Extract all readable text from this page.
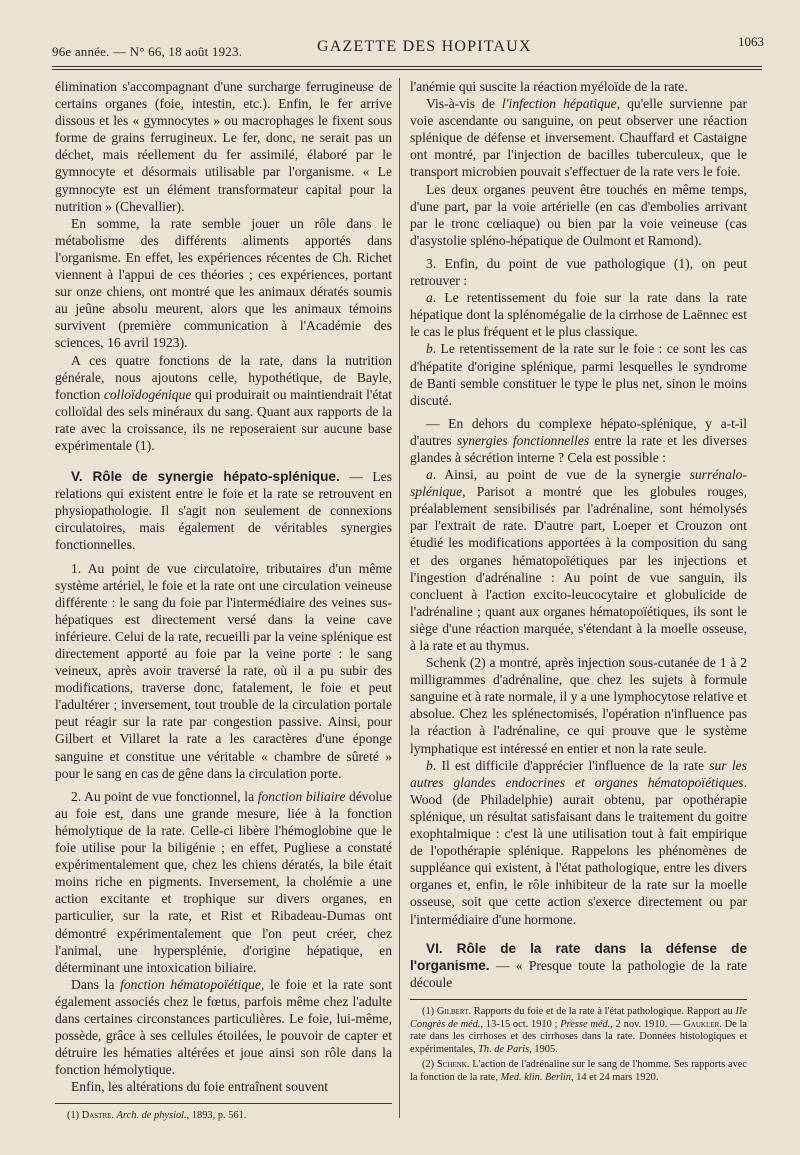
96e année. — N° 66, 18 août 1923.	GAZETTE DES HOPITAUX	1063

élimination s'accompagnant d'une surcharge ferrugineuse de certains organes (foie, intestin, etc.). Enfin, le fer arrive dissous et les « gymnocytes » ou macrophages le fixent sous forme de grains ferrugineux. Le fer, donc, ne serait pas un déchet, mais réellement du fer assimilé, élaboré par le gymnocyte et désormais utilisable par l'organisme. « Le gymnocyte est un élément transformateur capital pour la nutrition » (Chevallier).

En somme, la rate semble jouer un rôle dans le métabolisme des différents aliments apportés dans l'organisme. En effet, les expériences récentes de Ch. Richet viennent à l'appui de ces théories ; ces expériences, portant sur onze chiens, ont montré que les animaux dératés soumis au jeûne absolu meurent, alors que les animaux témoins survivent (première communication à l'Académie des sciences, 16 avril 1923).

A ces quatre fonctions de la rate, dans la nutrition générale, nous ajoutons celle, hypothétique, de Bayle, fonction colloïdogénique qui produirait ou maintiendrait l'état colloïdal des sels minéraux du sang. Quant aux rapports de la rate avec la croissance, ils ne reposeraient sur aucune base expérimentale (1).

V. Rôle de synergie hépato-splénique. — Les relations qui existent entre le foie et la rate se retrouvent en physiopathologie. Il s'agit non seulement de connexions circulatoires, mais également de véritables synergies fonctionnelles.

1. Au point de vue circulatoire, tributaires d'un même système artériel, le foie et la rate ont une circulation veineuse différente : le sang du foie par l'intermédiaire des veines sus-hépatiques est directement versé dans la veine cave inférieure. Celui de la rate, recueilli par la veine splénique est directement apporté au foie par la veine porte : le sang veineux, après avoir traversé la rate, où il a pu subir des modifications, traverse donc, fatalement, le foie et peut l'adultérer ; inversement, tout trouble de la circulation portale peut réagir sur la rate par congestion passive. Ainsi, pour Gilbert et Villaret la rate a les caractères d'une éponge sanguine et constitue une véritable « chambre de sûreté » pour le sang en cas de gêne dans la circulation porte.

2. Au point de vue fonctionnel, la fonction biliaire dévolue au foie est, dans une grande mesure, liée à la fonction hémolytique de la rate. Celle-ci libère l'hémoglobine que le foie utilise pour la biligénie ; en effet, Pugliese a constaté expérimentalement que, chez les chiens dératés, la bile était moins riche en pigments. Inversement, la cholémie a une action excitante et trophique sur divers organes, en particulier, sur la rate, et Rist et Ribadeau-Dumas ont démontré expérimentalement que l'on peut créer, chez l'animal, une hypersplénie, d'origine hépatique, en déterminant une intoxication biliaire.

Dans la fonction hématopoïétique, le foie et la rate sont également associés chez le fœtus, parfois même chez l'adulte dans certaines circonstances particulières. Le foie, lui-même, possède, grâce à ses cellules étoilées, le pouvoir de capter et détruire les hématies altérées et joue ainsi son rôle dans la fonction hémolytique.

Enfin, les altérations du foie entraînent souvent

(1) Dastre. Arch. de physiol., 1893, p. 561.

l'anémie qui suscite la réaction myéloïde de la rate.

Vis-à-vis de l'infection hépatique, qu'elle survienne par voie ascendante ou sanguine, on peut observer une réaction splénique de défense et inversement. Chauffard et Castaigne ont montré, par l'injection de bacilles tuberculeux, que le transport microbien pouvait s'effectuer de la rate vers le foie.

Les deux organes peuvent être touchés en même temps, d'une part, par la voie artérielle (en cas d'embolies arrivant par le tronc cœliaque) ou bien par la voie veineuse (cas d'asystolie spléno-hépatique de Oulmont et Ramond).

3. Enfin, du point de vue pathologique (1), on peut retrouver :

a. Le retentissement du foie sur la rate dans la rate hépatique dont la splénomégalie de la cirrhose de Laënnec est le cas le plus fréquent et le plus classique.

b. Le retentissement de la rate sur le foie : ce sont les cas d'hépatite d'origine splénique, parmi lesquelles le syndrome de Banti semble constituer le type le plus net, sinon le moins discuté.

— En dehors du complexe hépato-splénique, y a-t-il d'autres synergies fonctionnelles entre la rate et les diverses glandes à sécrétion interne ? Cela est possible :

a. Ainsi, au point de vue de la synergie surrénalo-splénique, Parisot a montré que les globules rouges, préalablement sensibilisés par l'adrénaline, sont hémolysés par l'extrait de rate. D'autre part, Loeper et Crouzon ont étudié les modifications apportées à la composition du sang et des organes hématopoïétiques par les injections et l'ingestion d'adrénaline : Au point de vue sanguin, ils concluent à l'action excito-leucocytaire et globulicide de l'adrénaline ; quant aux organes hématopoïétiques, ils sont le siège d'une réaction marquée, s'étendant à la moelle osseuse, à la rate et au thymus.

Schenk (2) a montré, après injection sous-cutanée de 1 à 2 milligrammes d'adrénaline, que chez les sujets à formule sanguine et à rate normale, il y a une lymphocytose relative et absolue. Chez les splénectomisés, l'opération n'influence pas la réaction à l'adrénaline, ce qui prouve que le système lymphatique est intéressé en entier et non la rate seule.

b. Il est difficile d'apprécier l'influence de la rate sur les autres glandes endocrines et organes hématopoïétiques. Wood (de Philadelphie) aurait obtenu, par opothérapie splénique, un résultat satisfaisant dans le traitement du goitre exophtalmique : c'est là une utilisation tout à fait empirique de l'opothérapie splénique. Rappelons les phénomènes de suppléance qui existent, à l'état pathologique, entre les divers organes et, enfin, le rôle inhibiteur de la rate sur la moelle osseuse, soit que cette action s'exerce directement ou par l'intermédiaire d'une hormone.

VI. Rôle de la rate dans la défense de l'organisme. — « Presque toute la pathologie de la rate découle

(1) Gilbert. Rapports du foie et de la rate à l'état pathologique. Rapport au IIe Congrès de méd., 13-15 oct. 1910 ; Presse méd., 2 nov. 1910. — Gaukler. De la rate dans les cirrhoses et des cirrhoses dans la rate. Données histologiques et expérimentales, Th. de Paris, 1905.

(2) Schenk. L'action de l'adrénaline sur le sang de l'homme. Ses rapports avec la fonction de la rate, Med. klin. Berlin, 14 et 24 mars 1920.
